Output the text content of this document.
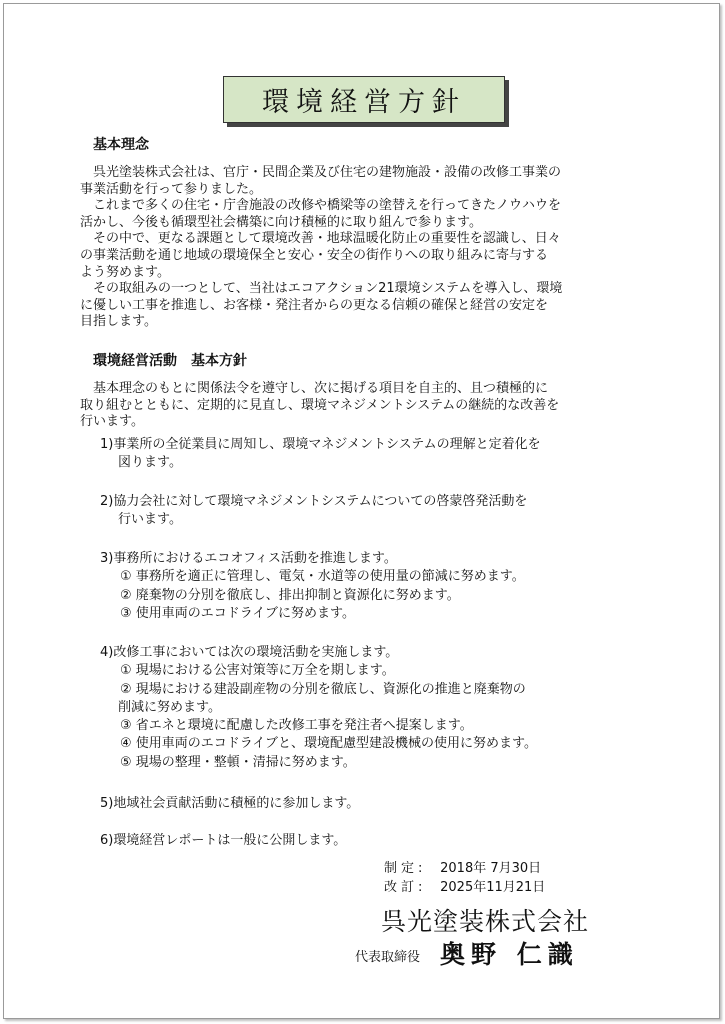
環境経営方針
基本理念
　呉光塗装株式会社は、官庁・民間企業及び住宅の建物施設・設備の改修工事業の
事業活動を行って参りました。
　これまで多くの住宅・庁舎施設の改修や橋梁等の塗替えを行ってきたノウハウを
活かし、今後も循環型社会構築に向け積極的に取り組んで参ります。
　その中で、更なる課題として環境改善・地球温暖化防止の重要性を認識し、日々
の事業活動を通じ地域の環境保全と安心・安全の街作りへの取り組みに寄与する
よう努めます。
　その取組みの一つとして、当社はエコアクション21環境システムを導入し、環境
に優しい工事を推進し、お客様・発注者からの更なる信頼の確保と経営の安定を
目指します。
環境経営活動　基本方針
　基本理念のもとに関係法令を遵守し、次に掲げる項目を自主的、且つ積極的に
取り組むとともに、定期的に見直し、環境マネジメントシステムの継続的な改善を
行います。
1)事業所の全従業員に周知し、環境マネジメントシステムの理解と定着化を
図ります。
2)協力会社に対して環境マネジメントシステムについての啓蒙啓発活動を
行います。
3)事務所におけるエコオフィス活動を推進します。
① 事務所を適正に管理し、電気・水道等の使用量の節減に努めます。
② 廃棄物の分別を徹底し、排出抑制と資源化に努めます。
③ 使用車両のエコドライブに努めます。
4)改修工事においては次の環境活動を実施します。
① 現場における公害対策等に万全を期します。
② 現場における建設副産物の分別を徹底し、資源化の推進と廃棄物の
削減に努めます。
③ 省エネと環境に配慮した改修工事を発注者へ提案します。
④ 使用車両のエコドライブと、環境配慮型建設機械の使用に努めます。
⑤ 現場の整理・整頓・清掃に努めます。
5)地域社会貢献活動に積極的に参加します。
6)環境経営レポートは一般に公開します。
制定: 2018年 7月30日
改訂: 2025年11月21日
呉光塗装株式会社
代表取締役 奥野 仁識
